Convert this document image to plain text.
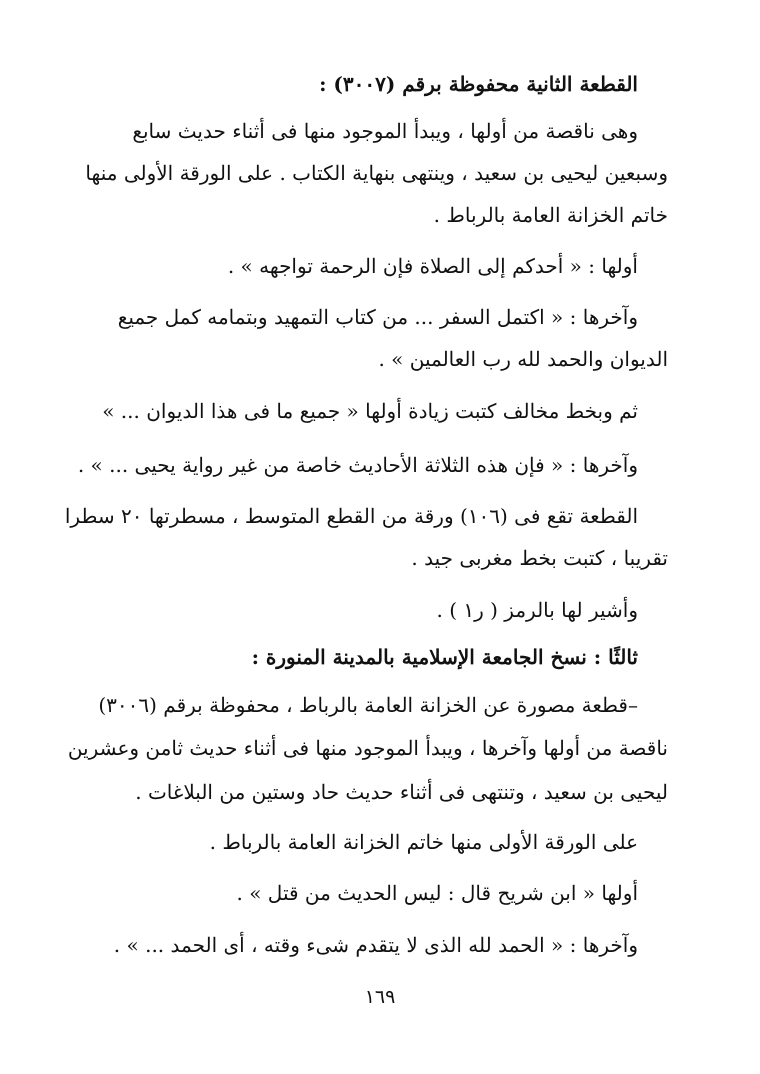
القطعة الثانية محفوظة برقم (٣٠٠٧) :
وهى ناقصة من أولها ، ويبدأ الموجود منها فى أثناء حديث سابع
وسبعين ليحيى بن سعيد ، وينتهى بنهاية الكتاب . على الورقة الأولى منها
خاتم الخزانة العامة بالرباط .
أولها : « أحدكم إلى الصلاة فإن الرحمة تواجهه » .
وآخرها : « اكتمل السفر ... من كتاب التمهيد وبتمامه كمل جميع
الديوان والحمد لله رب العالمين » .
ثم وبخط مخالف كتبت زيادة أولها « جميع ما فى هذا الديوان ... »
وآخرها : « فإن هذه الثلاثة الأحاديث خاصة من غير رواية يحيى ... » .
القطعة تقع فى (١٠٦) ورقة من القطع المتوسط ، مسطرتها ٢٠ سطرا
تقريبا ، كتبت بخط مغربى جيد .
وأشير لها بالرمز ( ر١ ) .
ثالثًا : نسخ الجامعة الإسلامية بالمدينة المنورة :
–قطعة مصورة عن الخزانة العامة بالرباط ، محفوظة برقم (٣٠٠٦)
ناقصة من أولها وآخرها ، ويبدأ الموجود منها فى أثناء حديث ثامن وعشرين
ليحيى بن سعيد ، وتنتهى فى أثناء حديث حاد وستين من البلاغات .
على الورقة الأولى منها خاتم الخزانة العامة بالرباط .
أولها « ابن شريح قال : ليس الحديث من قتل » .
وآخرها : « الحمد لله الذى لا يتقدم شىء وقته ، أى الحمد ... » .
١٦٩
